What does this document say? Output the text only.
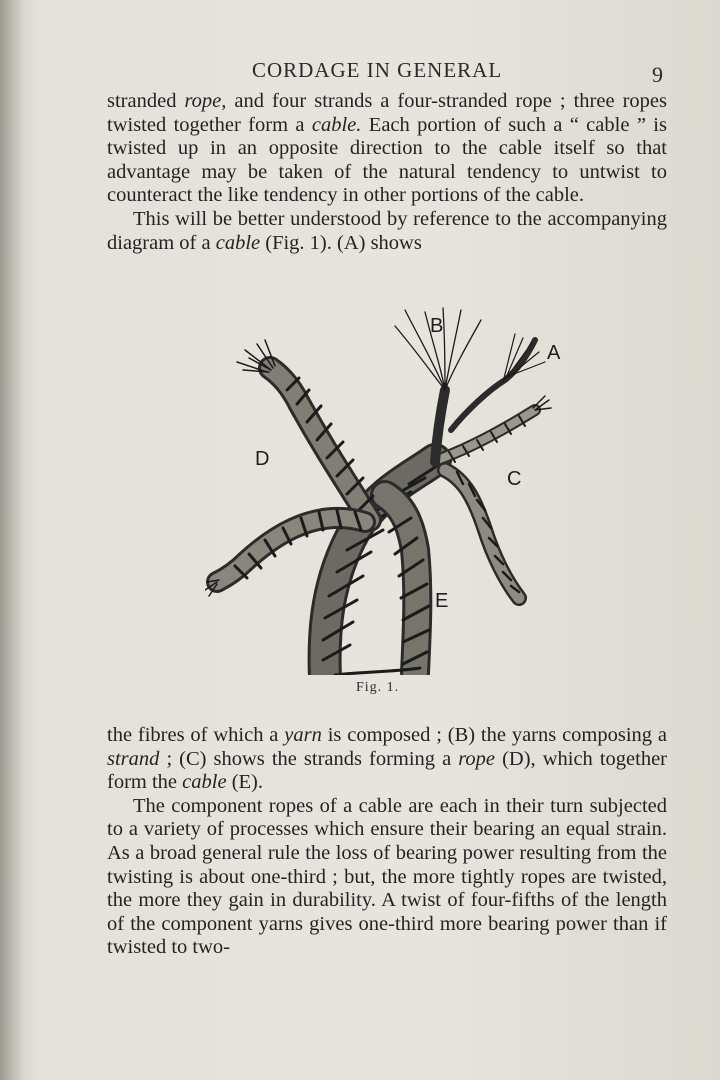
CORDAGE IN GENERAL	9

stranded rope, and four strands a four-stranded rope ; three ropes twisted together form a cable. Each portion of such a “ cable ” is twisted up in an opposite direction to the cable itself so that advantage may be taken of the natural tendency to untwist to counteract the like tendency in other portions of the cable.

This will be better understood by reference to the accompanying diagram of a cable (Fig. 1). (A) shows

B
A
D
C
E
Fig. 1.

the fibres of which a yarn is composed ; (B) the yarns composing a strand ; (C) shows the strands forming a rope (D), which together form the cable (E).

The component ropes of a cable are each in their turn subjected to a variety of processes which ensure their bearing an equal strain. As a broad general rule the loss of bearing power resulting from the twisting is about one-third ; but, the more tightly ropes are twisted, the more they gain in durability. A twist of four-fifths of the length of the component yarns gives one-third more bearing power than if twisted to two-
